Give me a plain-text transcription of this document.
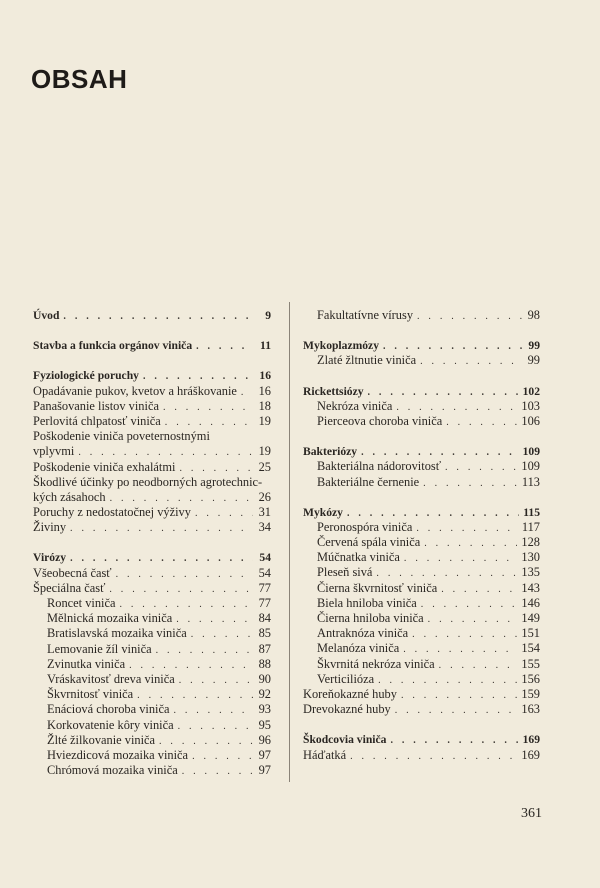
OBSAH
Úvod . . .	9
Stavba a funkcia orgánov viniča . . .	11
Fyziologické poruchy . . .	16
Opadávanie pukov, kvetov a hráškovanie . . . 16
Panašovanie listov viniča . . .	18
Perlovitá chlpatosť viniča . . .	19
Poškodenie viniča poveternostnými
vplyvmi . . .	19
Poškodenie viniča exhalátmi . . .	25
Škodlivé účinky po neodborných agrotechnic-
kých zásahoch . . .	26
Poruchy z nedostatočnej výživy . . .	31
Živiny . . .	34
Virózy . . .	54
Všeobecná časť . . .	54
Špeciálna časť . . .	77
Roncet viniča . . .	77
Mělnická mozaika viniča . . .	84
Bratislavská mozaika viniča . . .	85
Lemovanie žíl viniča . . .	87
Zvinutka viniča . . .	88
Vráskavitosť dreva viniča . . .	90
Škvrnitosť viniča . . .	92
Enáciová choroba viniča . . .	93
Korkovatenie kôry viniča . . .	95
Žlté žilkovanie viniča . . .	96
Hviezdicová mozaika viniča . . .	97
Chrómová mozaika viniča . . .	97
Fakultatívne vírusy . . .	98
Mykoplazmózy . . .	99
Zlaté žltnutie viniča . . .	99
Rickettsiózy . . .	102
Nekróza viniča . . .	103
Pierceova choroba viniča . . .	106
Bakteriózy . . .	109
Bakteriálna nádorovitosť . . .	109
Bakteriálne černenie . . .	113
Mykózy . . .	115
Peronospóra viniča . . .	117
Červená spála viniča . . .	128
Múčnatka viniča . . .	130
Pleseň sivá . . .	135
Čierna škvrnitosť viniča . . .	143
Biela hniloba viniča . . .	146
Čierna hniloba viniča . . .	149
Antraknóza viniča . . .	151
Melanóza viniča . . .	154
Škvrnitá nekróza viniča . . .	155
Verticilióza . . .	156
Koreňokazné huby . . .	159
Drevokazné huby . . .	163
Škodcovia viniča . . .	169
Háďatká . . .	169
361
